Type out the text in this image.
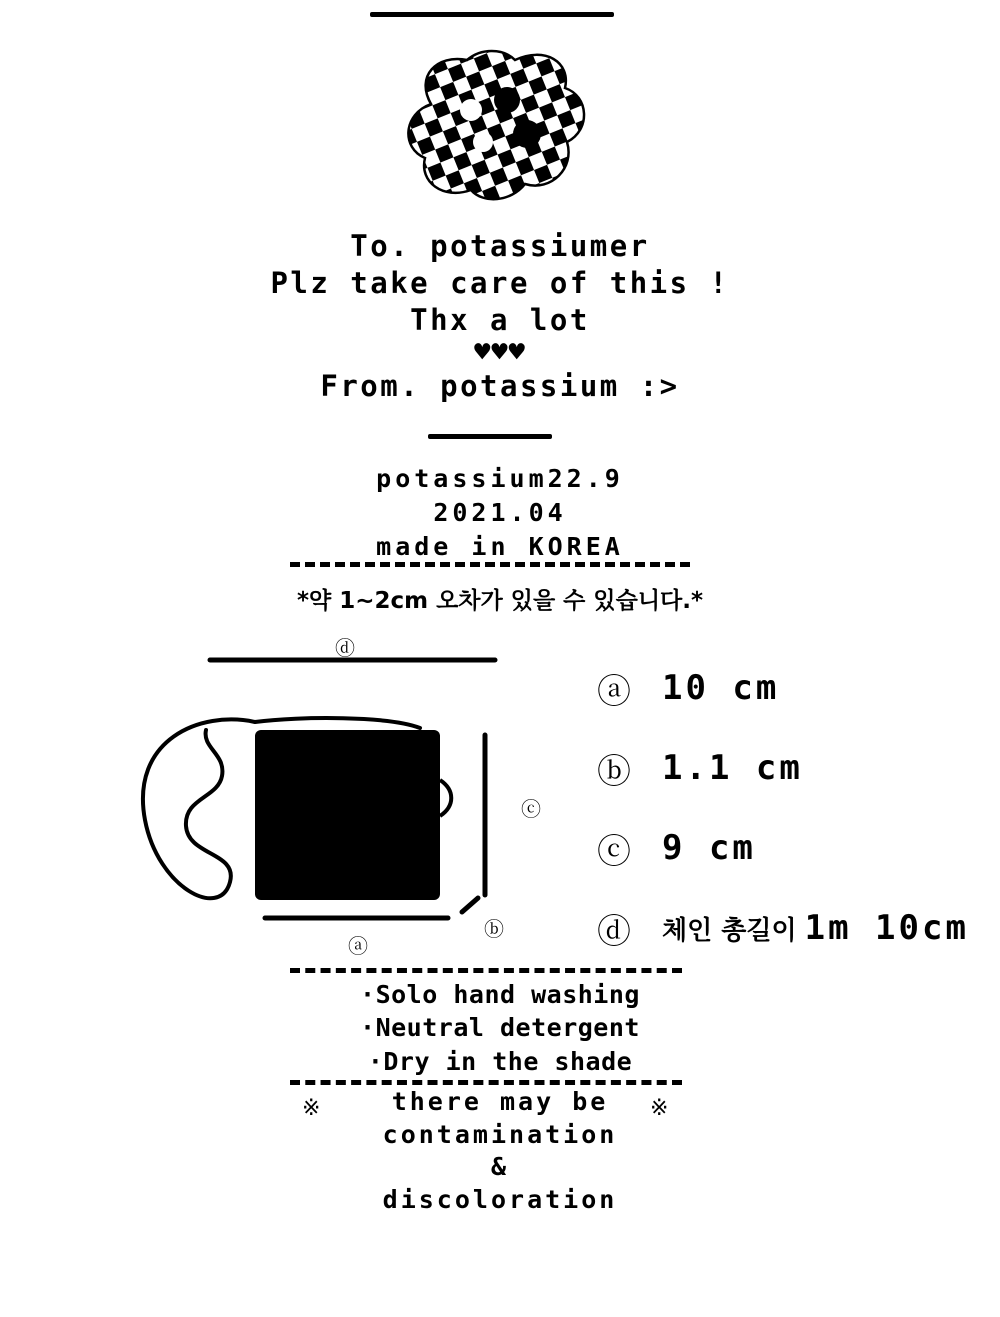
To. potassiumer
Plz take care of this !
Thx a lot
♥♥♥
From. potassium :>
potassium22.9
2021.04
made in KOREA
*약 1~2cm 오차가 있을 수 있습니다.*
ⓓ
ⓒ
ⓐ
ⓑ
ⓐ 10 cm
ⓑ 1.1 cm
ⓒ 9 cm
ⓓ 체인 총길이 1m 10cm
·Solo hand washing
·Neutral detergent
·Dry in the shade
there may be
contamination
&
discoloration
※	※
